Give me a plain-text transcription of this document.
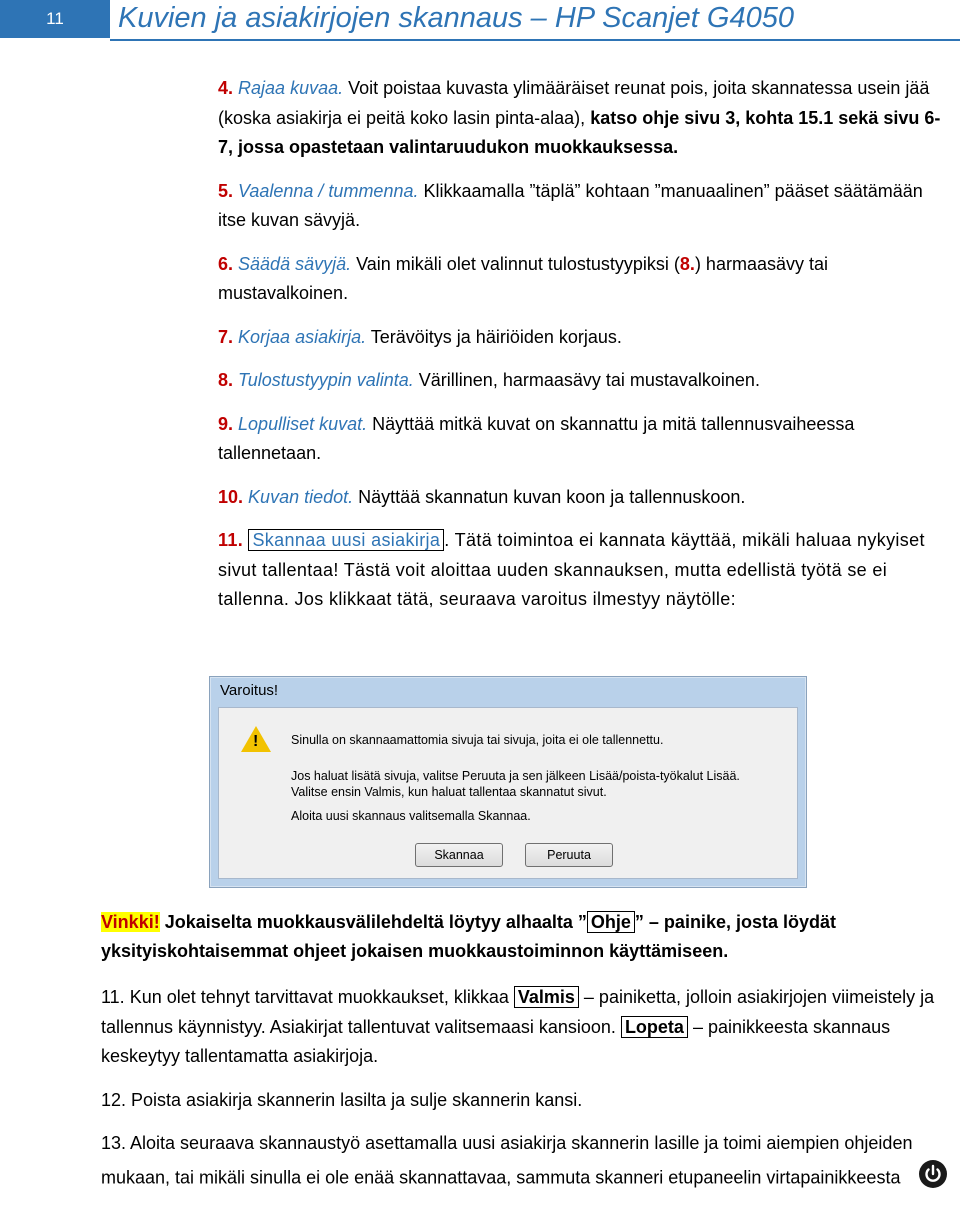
11	Kuvien ja asiakirjojen skannaus – HP Scanjet G4050
4. Rajaa kuvaa. Voit poistaa kuvasta ylimääräiset reunat pois, joita skannatessa usein jää (koska asiakirja ei peitä koko lasin pinta-alaa), katso ohje sivu 3, kohta 15.1 sekä sivu 6-7, jossa opastetaan valintaruudukon muokkauksessa.
5. Vaalenna / tummenna. Klikkaamalla ”täplä” kohtaan ”manuaalinen” pääset säätämään itse kuvan sävyjä.
6. Säädä sävyjä. Vain mikäli olet valinnut tulostustyypiksi (8.) harmaasävy tai mustavalkoinen.
7. Korjaa asiakirja. Terävöitys ja häiriöiden korjaus.
8. Tulostustyypin valinta. Värillinen, harmaasävy tai mustavalkoinen.
9. Lopulliset kuvat. Näyttää mitkä kuvat on skannattu ja mitä tallennusvaiheessa tallennetaan.
10. Kuvan tiedot. Näyttää skannatun kuvan koon ja tallennuskoon.
11. Skannaa uusi asiakirja . Tätä toimintoa ei kannata käyttää, mikäli haluaa nykyiset sivut tallentaa! Tästä voit aloittaa uuden skannauksen, mutta edellistä työtä se ei tallenna. Jos klikkaat tätä, seuraava varoitus ilmestyy näytölle:
Varoitus!
!	Sinulla on skannaamattomia sivuja tai sivuja, joita ei ole tallennettu.
Jos haluat lisätä sivuja, valitse Peruuta ja sen jälkeen Lisää/poista-työkalut Lisää.
Valitse ensin Valmis, kun haluat tallentaa skannatut sivut.
Aloita uusi skannaus valitsemalla Skannaa.
Skannaa	Peruuta
Vinkki! Jokaiselta muokkausvälilehdeltä löytyy alhaalta ” Ohje ” – painike, josta löydät yksityiskohtaisemmat ohjeet jokaisen muokkaustoiminnon käyttämiseen.

11. Kun olet tehnyt tarvittavat muokkaukset, klikkaa Valmis – painiketta, jolloin asiakirjojen viimeistely ja tallennus käynnistyy. Asiakirjat tallentuvat valitsemaasi kansioon. Lopeta – painikkeesta skannaus keskeytyy tallentamatta asiakirjoja.

12. Poista asiakirja skannerin lasilta ja sulje skannerin kansi.

13. Aloita seuraava skannaustyö asettamalla uusi asiakirja skannerin lasille ja toimi aiempien ohjeiden mukaan, tai mikäli sinulla ei ole enää skannattavaa, sammuta skanneri etupaneelin virtapainikkeesta
